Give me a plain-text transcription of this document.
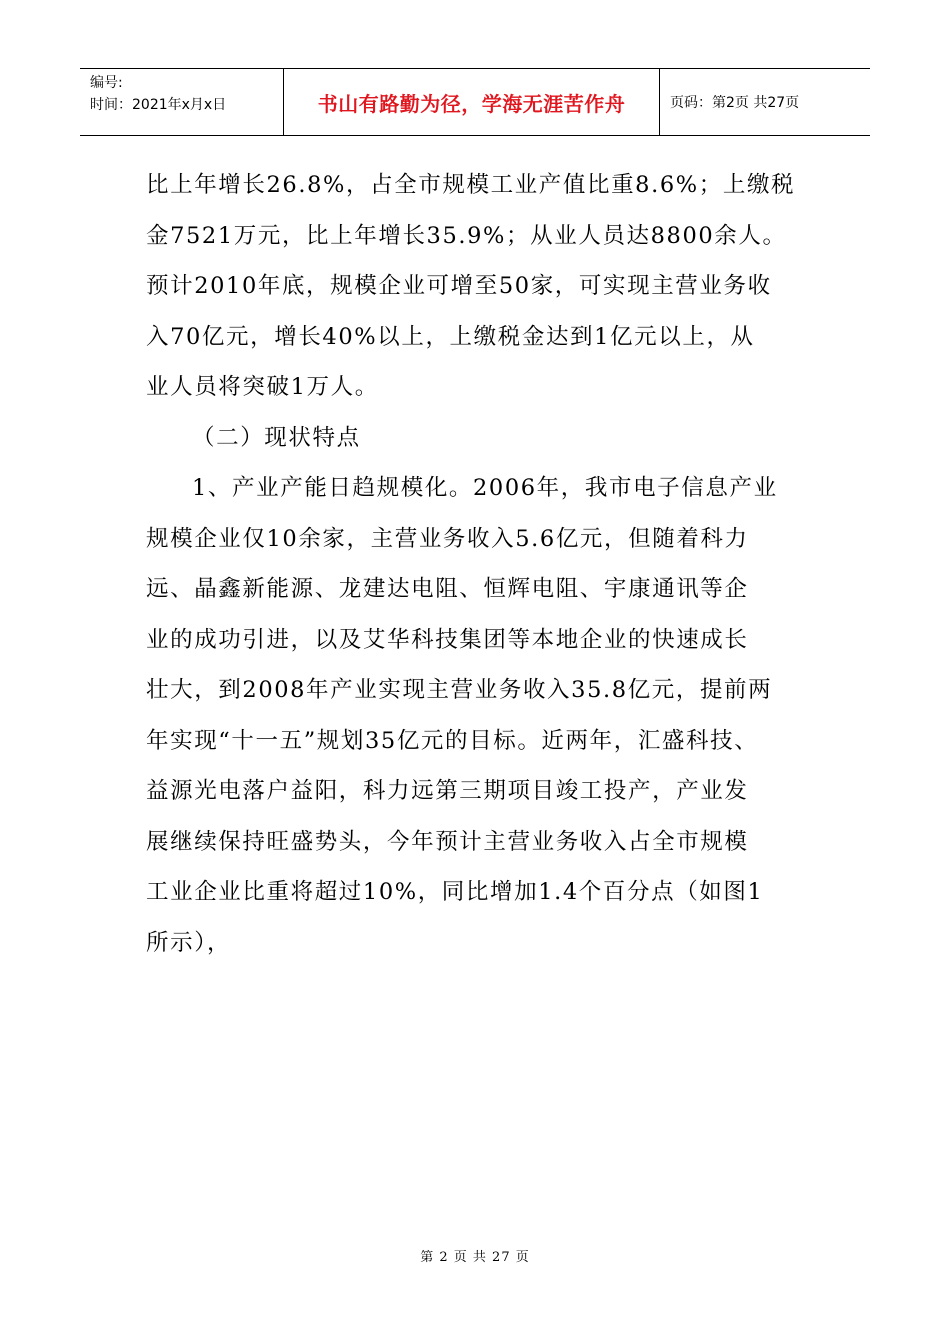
编号:
时间：2021年x月x日	书山有路勤为径，学海无涯苦作舟	页码：第2页 共27页
比上年增长26.8%，占全市规模工业产值比重8.6%；上缴税
金7521万元，比上年增长35.9%；从业人员达8800余人。
预计2010年底，规模企业可增至50家，可实现主营业务收
入70亿元，增长40%以上，上缴税金达到1亿元以上，从
业人员将突破1万人。
（二）现状特点
1、产业产能日趋规模化。2006年，我市电子信息产业
规模企业仅10余家，主营业务收入5.6亿元，但随着科力
远、晶鑫新能源、龙建达电阻、恒辉电阻、宇康通讯等企
业的成功引进，以及艾华科技集团等本地企业的快速成长
壮大，到2008年产业实现主营业务收入35.8亿元，提前两
年实现“十一五”规划35亿元的目标。近两年，汇盛科技、
益源光电落户益阳，科力远第三期项目竣工投产，产业发
展继续保持旺盛势头，今年预计主营业务收入占全市规模
工业企业比重将超过10%，同比增加1.4个百分点（如图1
所示），
第 2 页 共 27 页
